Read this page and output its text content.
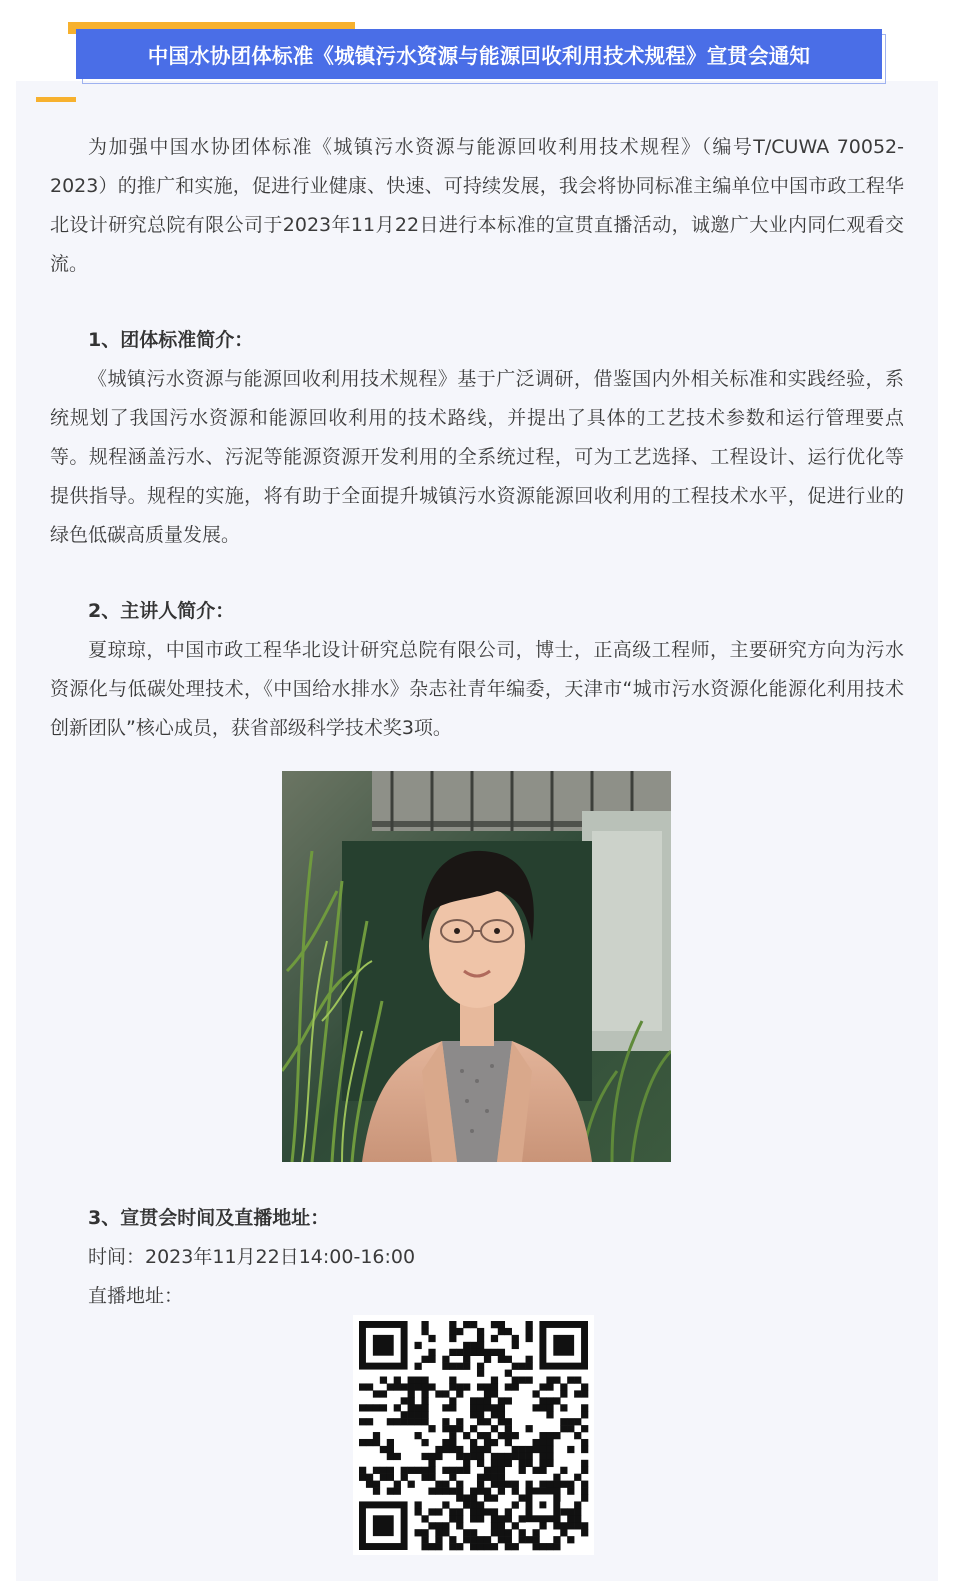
中国水协团体标准《城镇污水资源与能源回收利用技术规程》宣贯会通知

为加强中国水协团体标准《城镇污水资源与能源回收利用技术规程》（编号T/CUWA 70052-2023）的推广和实施，促进行业健康、快速、可持续发展，我会将协同标准主编单位中国市政工程华北设计研究总院有限公司于2023年11月22日进行本标准的宣贯直播活动，诚邀广大业内同仁观看交流。

1、团体标准简介：

《城镇污水资源与能源回收利用技术规程》基于广泛调研，借鉴国内外相关标准和实践经验，系统规划了我国污水资源和能源回收利用的技术路线，并提出了具体的工艺技术参数和运行管理要点等。规程涵盖污水、污泥等能源资源开发利用的全系统过程，可为工艺选择、工程设计、运行优化等提供指导。规程的实施，将有助于全面提升城镇污水资源能源回收利用的工程技术水平，促进行业的绿色低碳高质量发展。

2、主讲人简介：

夏琼琼，中国市政工程华北设计研究总院有限公司，博士，正高级工程师，主要研究方向为污水资源化与低碳处理技术，《中国给水排水》杂志社青年编委，天津市“城市污水资源化能源化利用技术创新团队”核心成员，获省部级科学技术奖3项。

3、宣贯会时间及直播地址：

时间：2023年11月22日14:00-16:00

直播地址：
